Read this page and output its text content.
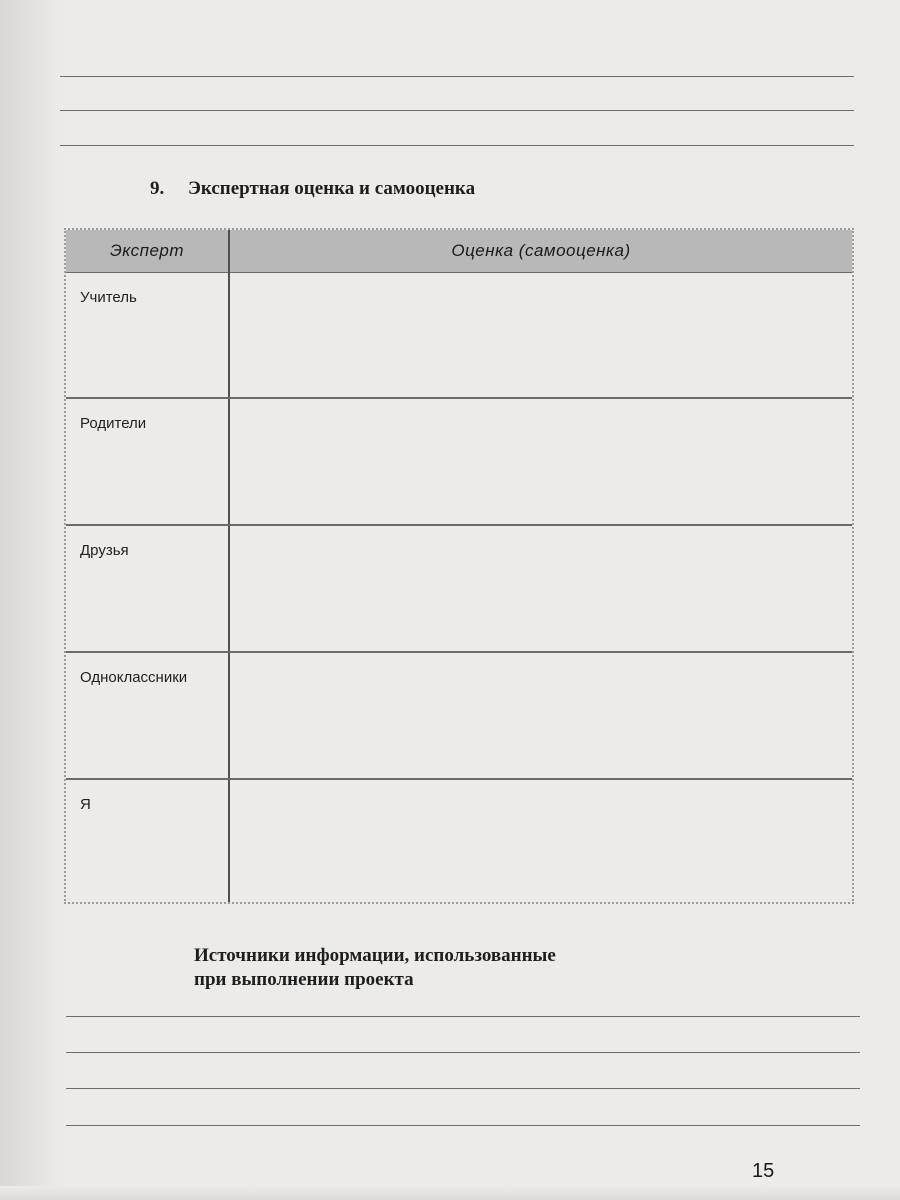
9. Экспертная оценка и самооценка
Эксперт	Оценка (самооценка)
Учитель	
Родители	
Друзья	
Одноклассники	
Я	
Источники информации, использованные
при выполнении проекта
15
